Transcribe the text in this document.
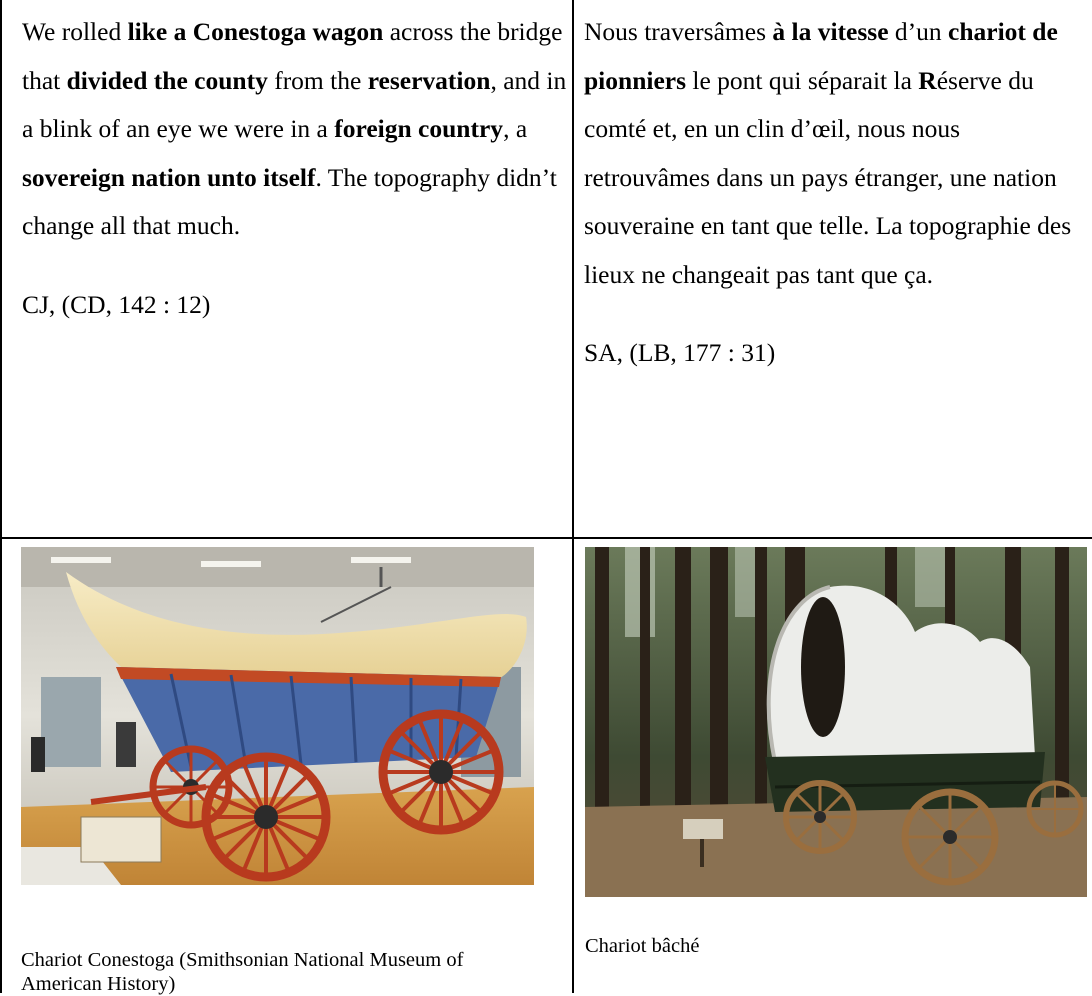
We rolled like a Conestoga wagon across the bridge that divided the county from the reservation, and in a blink of an eye we were in a foreign country, a sovereign nation unto itself. The topography didn’t change all that much.

CJ, (CD, 142 : 12)

Nous traversâmes à la vitesse d’un chariot de pionniers le pont qui séparait la Réserve du comté et, en un clin d’œil, nous nous retrouvâmes dans un pays étranger, une nation souveraine en tant que telle. La topographie des lieux ne changeait pas tant que ça.

SA, (LB, 177 : 31)

Chariot Conestoga (Smithsonian National Museum of American History)
Chariot bâché
